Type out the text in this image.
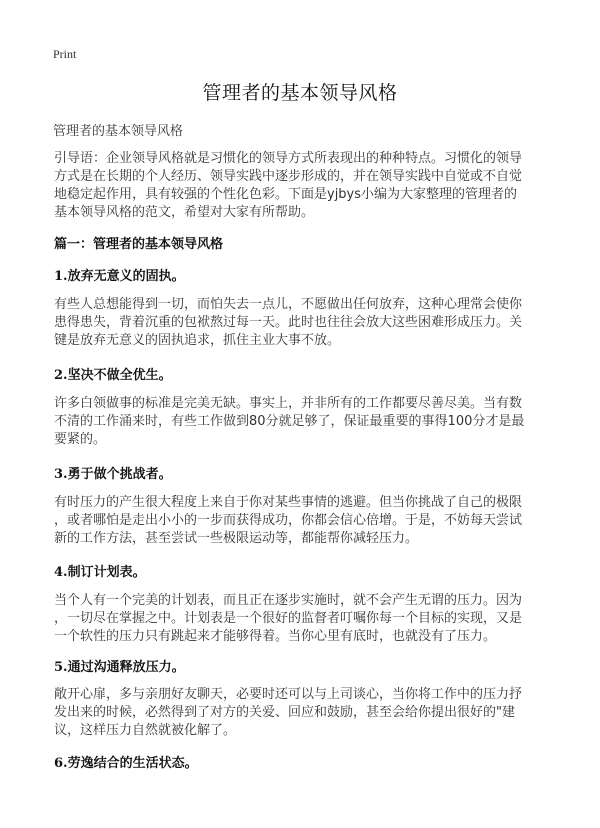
Print
管理者的基本领导风格
管理者的基本领导风格

引导语：企业领导风格就是习惯化的领导方式所表现出的种种特点。习惯化的领导
方式是在长期的个人经历、领导实践中逐步形成的，并在领导实践中自觉或不自觉
地稳定起作用，具有较强的个性化色彩。下面是yjbys小编为大家整理的管理者的
基本领导风格的范文，希望对大家有所帮助。

篇一：管理者的基本领导风格
1.放弃无意义的固执。

有些人总想能得到一切，而怕失去一点儿，不愿做出任何放弃，这种心理常会使你
患得患失，背着沉重的包袱熬过每一天。此时也往往会放大这些困难形成压力。关
键是放弃无意义的固执追求，抓住主业大事不放。

2.坚决不做全优生。

许多白领做事的标准是完美无缺。事实上，并非所有的工作都要尽善尽美。当有数
不清的工作涌来时，有些工作做到80分就足够了，保证最重要的事得100分才是最
要紧的。

3.勇于做个挑战者。

有时压力的产生很大程度上来自于你对某些事情的逃避。但当你挑战了自己的极限
，或者哪怕是走出小小的一步而获得成功，你都会信心倍增。于是，不妨每天尝试
新的工作方法，甚至尝试一些极限运动等，都能帮你减轻压力。

4.制订计划表。

当个人有一个完美的计划表，而且正在逐步实施时，就不会产生无谓的压力。因为
，一切尽在掌握之中。计划表是一个很好的监督者叮嘱你每一个目标的实现，又是
一个软性的压力只有跳起来才能够得着。当你心里有底时，也就没有了压力。

5.通过沟通释放压力。

敞开心扉，多与亲朋好友聊天，必要时还可以与上司谈心，当你将工作中的压力抒
发出来的时候，必然得到了对方的关爱、回应和鼓励，甚至会给你提出很好的"建
议，这样压力自然就被化解了。

6.劳逸结合的生活状态。
